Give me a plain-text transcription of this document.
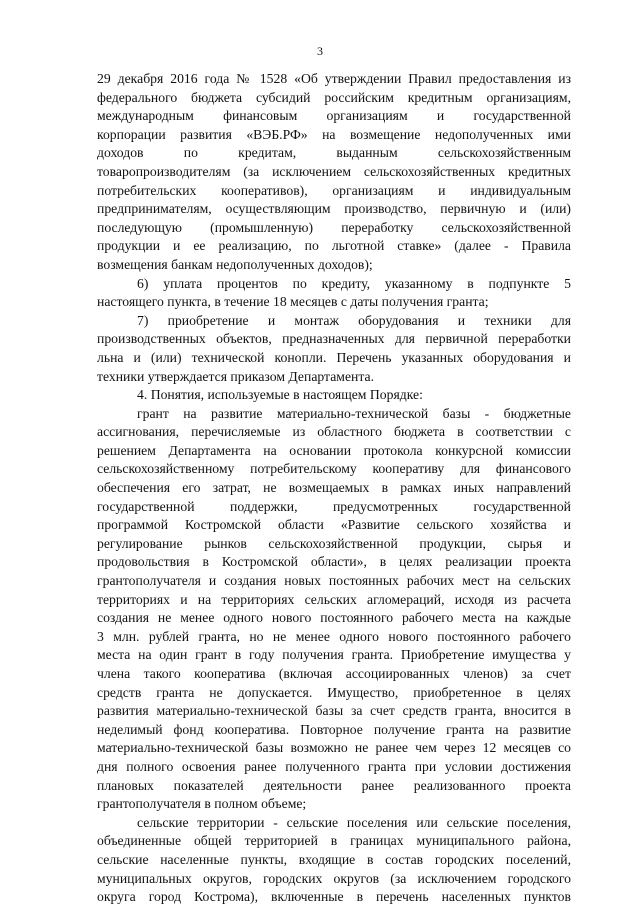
3
29 декабря 2016 года № 1528 «Об утверждении Правил предоставления из
федерального бюджета субсидий российским кредитным организациям,
международным финансовым организациям и государственной
корпорации развития «ВЭБ.РФ» на возмещение недополученных ими
доходов по кредитам, выданным сельскохозяйственным
товаропроизводителям (за исключением сельскохозяйственных кредитных
потребительских кооперативов), организациям и индивидуальным
предпринимателям, осуществляющим производство, первичную и (или)
последующую (промышленную) переработку сельскохозяйственной
продукции и ее реализацию, по льготной ставке» (далее - Правила
возмещения банкам недополученных доходов);
6) уплата процентов по кредиту, указанному в подпункте 5
настоящего пункта, в течение 18 месяцев с даты получения гранта;
7) приобретение и монтаж оборудования и техники для
производственных объектов, предназначенных для первичной переработки
льна и (или) технической конопли. Перечень указанных оборудования и
техники утверждается приказом Департамента.
4. Понятия, используемые в настоящем Порядке:
грант на развитие материально-технической базы - бюджетные
ассигнования, перечисляемые из областного бюджета в соответствии с
решением Департамента на основании протокола конкурсной комиссии
сельскохозяйственному потребительскому кооперативу для финансового
обеспечения его затрат, не возмещаемых в рамках иных направлений
государственной поддержки, предусмотренных государственной
программой Костромской области «Развитие сельского хозяйства и
регулирование рынков сельскохозяйственной продукции, сырья и
продовольствия в Костромской области», в целях реализации проекта
грантополучателя и создания новых постоянных рабочих мест на сельских
территориях и на территориях сельских агломераций, исходя из расчета
создания не менее одного нового постоянного рабочего места на каждые
3 млн. рублей гранта, но не менее одного нового постоянного рабочего
места на один грант в году получения гранта. Приобретение имущества у
члена такого кооператива (включая ассоциированных членов) за счет
средств гранта не допускается. Имущество, приобретенное в целях
развития материально-технической базы за счет средств гранта, вносится в
неделимый фонд кооператива. Повторное получение гранта на развитие
материально-технической базы возможно не ранее чем через 12 месяцев со
дня полного освоения ранее полученного гранта при условии достижения
плановых показателей деятельности ранее реализованного проекта
грантополучателя в полном объеме;
сельские территории - сельские поселения или сельские поселения,
объединенные общей территорией в границах муниципального района,
сельские населенные пункты, входящие в состав городских поселений,
муниципальных округов, городских округов (за исключением городского
округа город Кострома), включенные в перечень населенных пунктов
